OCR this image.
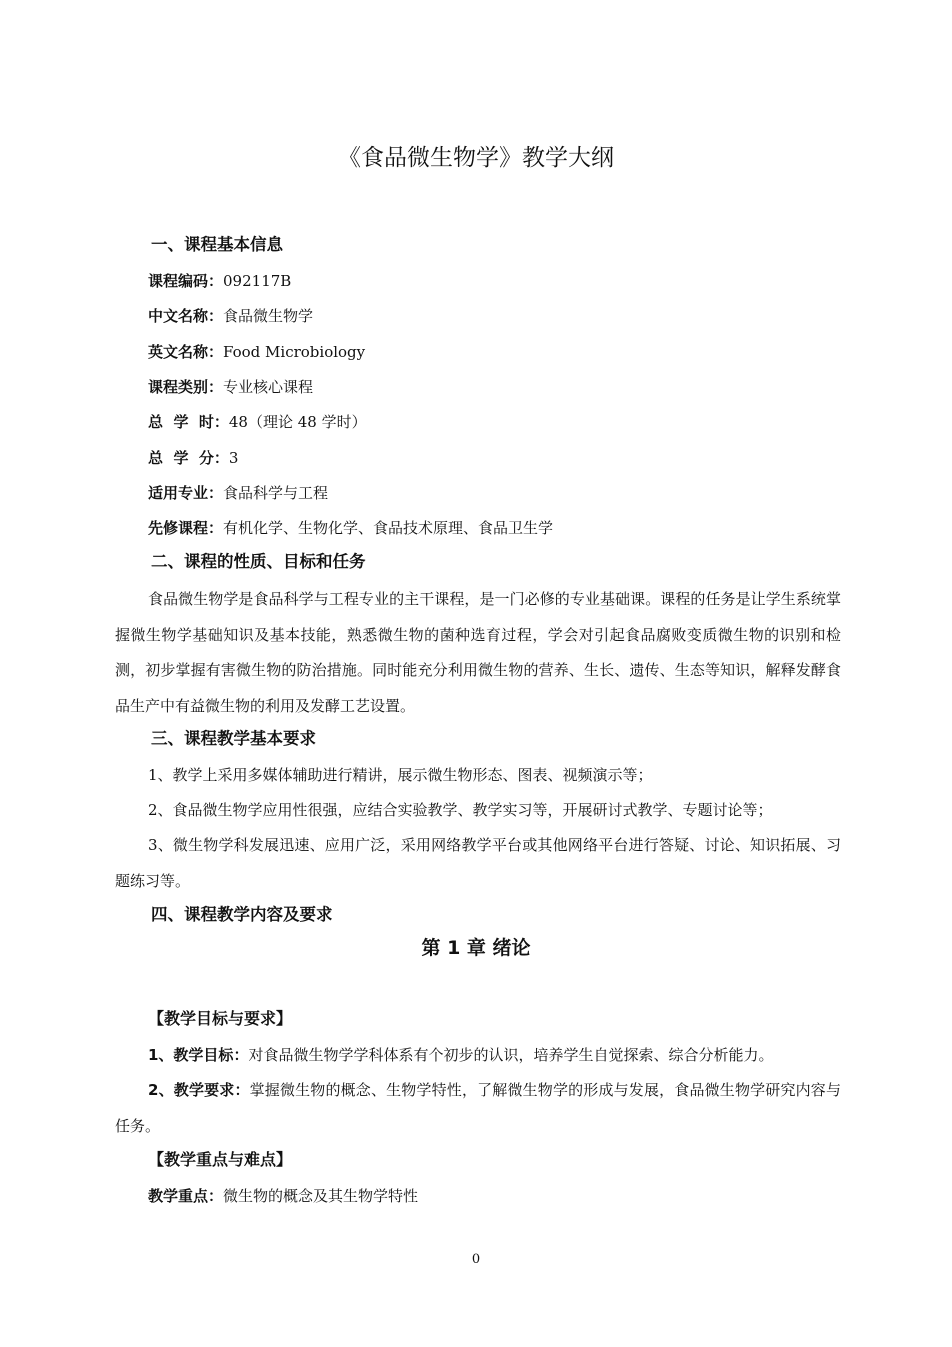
《食品微生物学》教学大纲
一、课程基本信息
课程编码：092117B
中文名称：食品微生物学
英文名称：Food Microbiology
课程类别：专业核心课程
总  学  时：48（理论 48 学时）
总  学  分：3
适用专业：食品科学与工程
先修课程：有机化学、生物化学、食品技术原理、食品卫生学
二、课程的性质、目标和任务
食品微生物学是食品科学与工程专业的主干课程，是一门必修的专业基础课。课程的任务是让学生系统掌握微生物学基础知识及基本技能，熟悉微生物的菌种选育过程，学会对引起食品腐败变质微生物的识别和检测，初步掌握有害微生物的防治措施。同时能充分利用微生物的营养、生长、遗传、生态等知识，解释发酵食品生产中有益微生物的利用及发酵工艺设置。
三、课程教学基本要求
1、教学上采用多媒体辅助进行精讲，展示微生物形态、图表、视频演示等；
2、食品微生物学应用性很强，应结合实验教学、教学实习等，开展研讨式教学、专题讨论等；
3、微生物学科发展迅速、应用广泛，采用网络教学平台或其他网络平台进行答疑、讨论、知识拓展、习题练习等。
四、课程教学内容及要求
第 1 章 绪论
【教学目标与要求】
1、教学目标：对食品微生物学学科体系有个初步的认识，培养学生自觉探索、综合分析能力。
2、教学要求：掌握微生物的概念、生物学特性，了解微生物学的形成与发展，食品微生物学研究内容与任务。
【教学重点与难点】
教学重点：微生物的概念及其生物学特性
0
